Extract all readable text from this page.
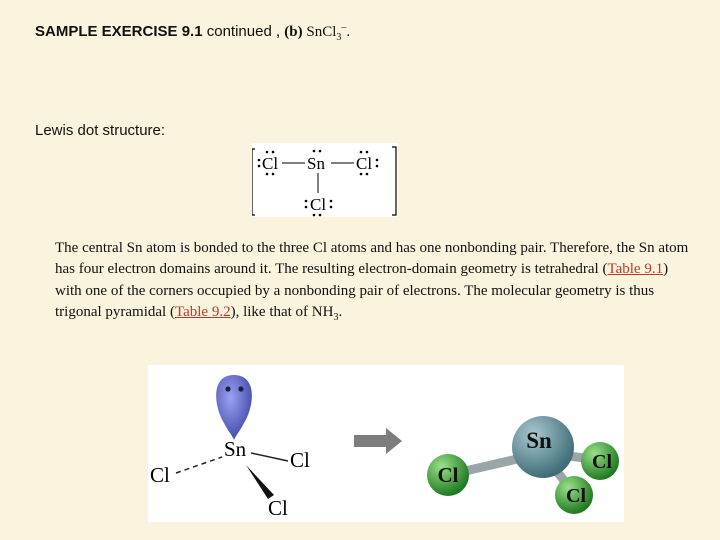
SAMPLE EXERCISE 9.1 continued , (b) SnCl$_3$–.
Lewis dot structure:
Cl Sn Cl
Cl
The central Sn atom is bonded to the three Cl atoms and has one nonbonding pair. Therefore, the Sn atom has four electron domains around it. The resulting electron-domain geometry is tetrahedral (Table 9.1) with one of the corners occupied by a nonbonding pair of electrons. The molecular geometry is thus trigonal pyramidal (Table 9.2), like that of $NH_3$.
Sn
Cl
Cl
Cl
Cl
Sn
Cl
Cl
